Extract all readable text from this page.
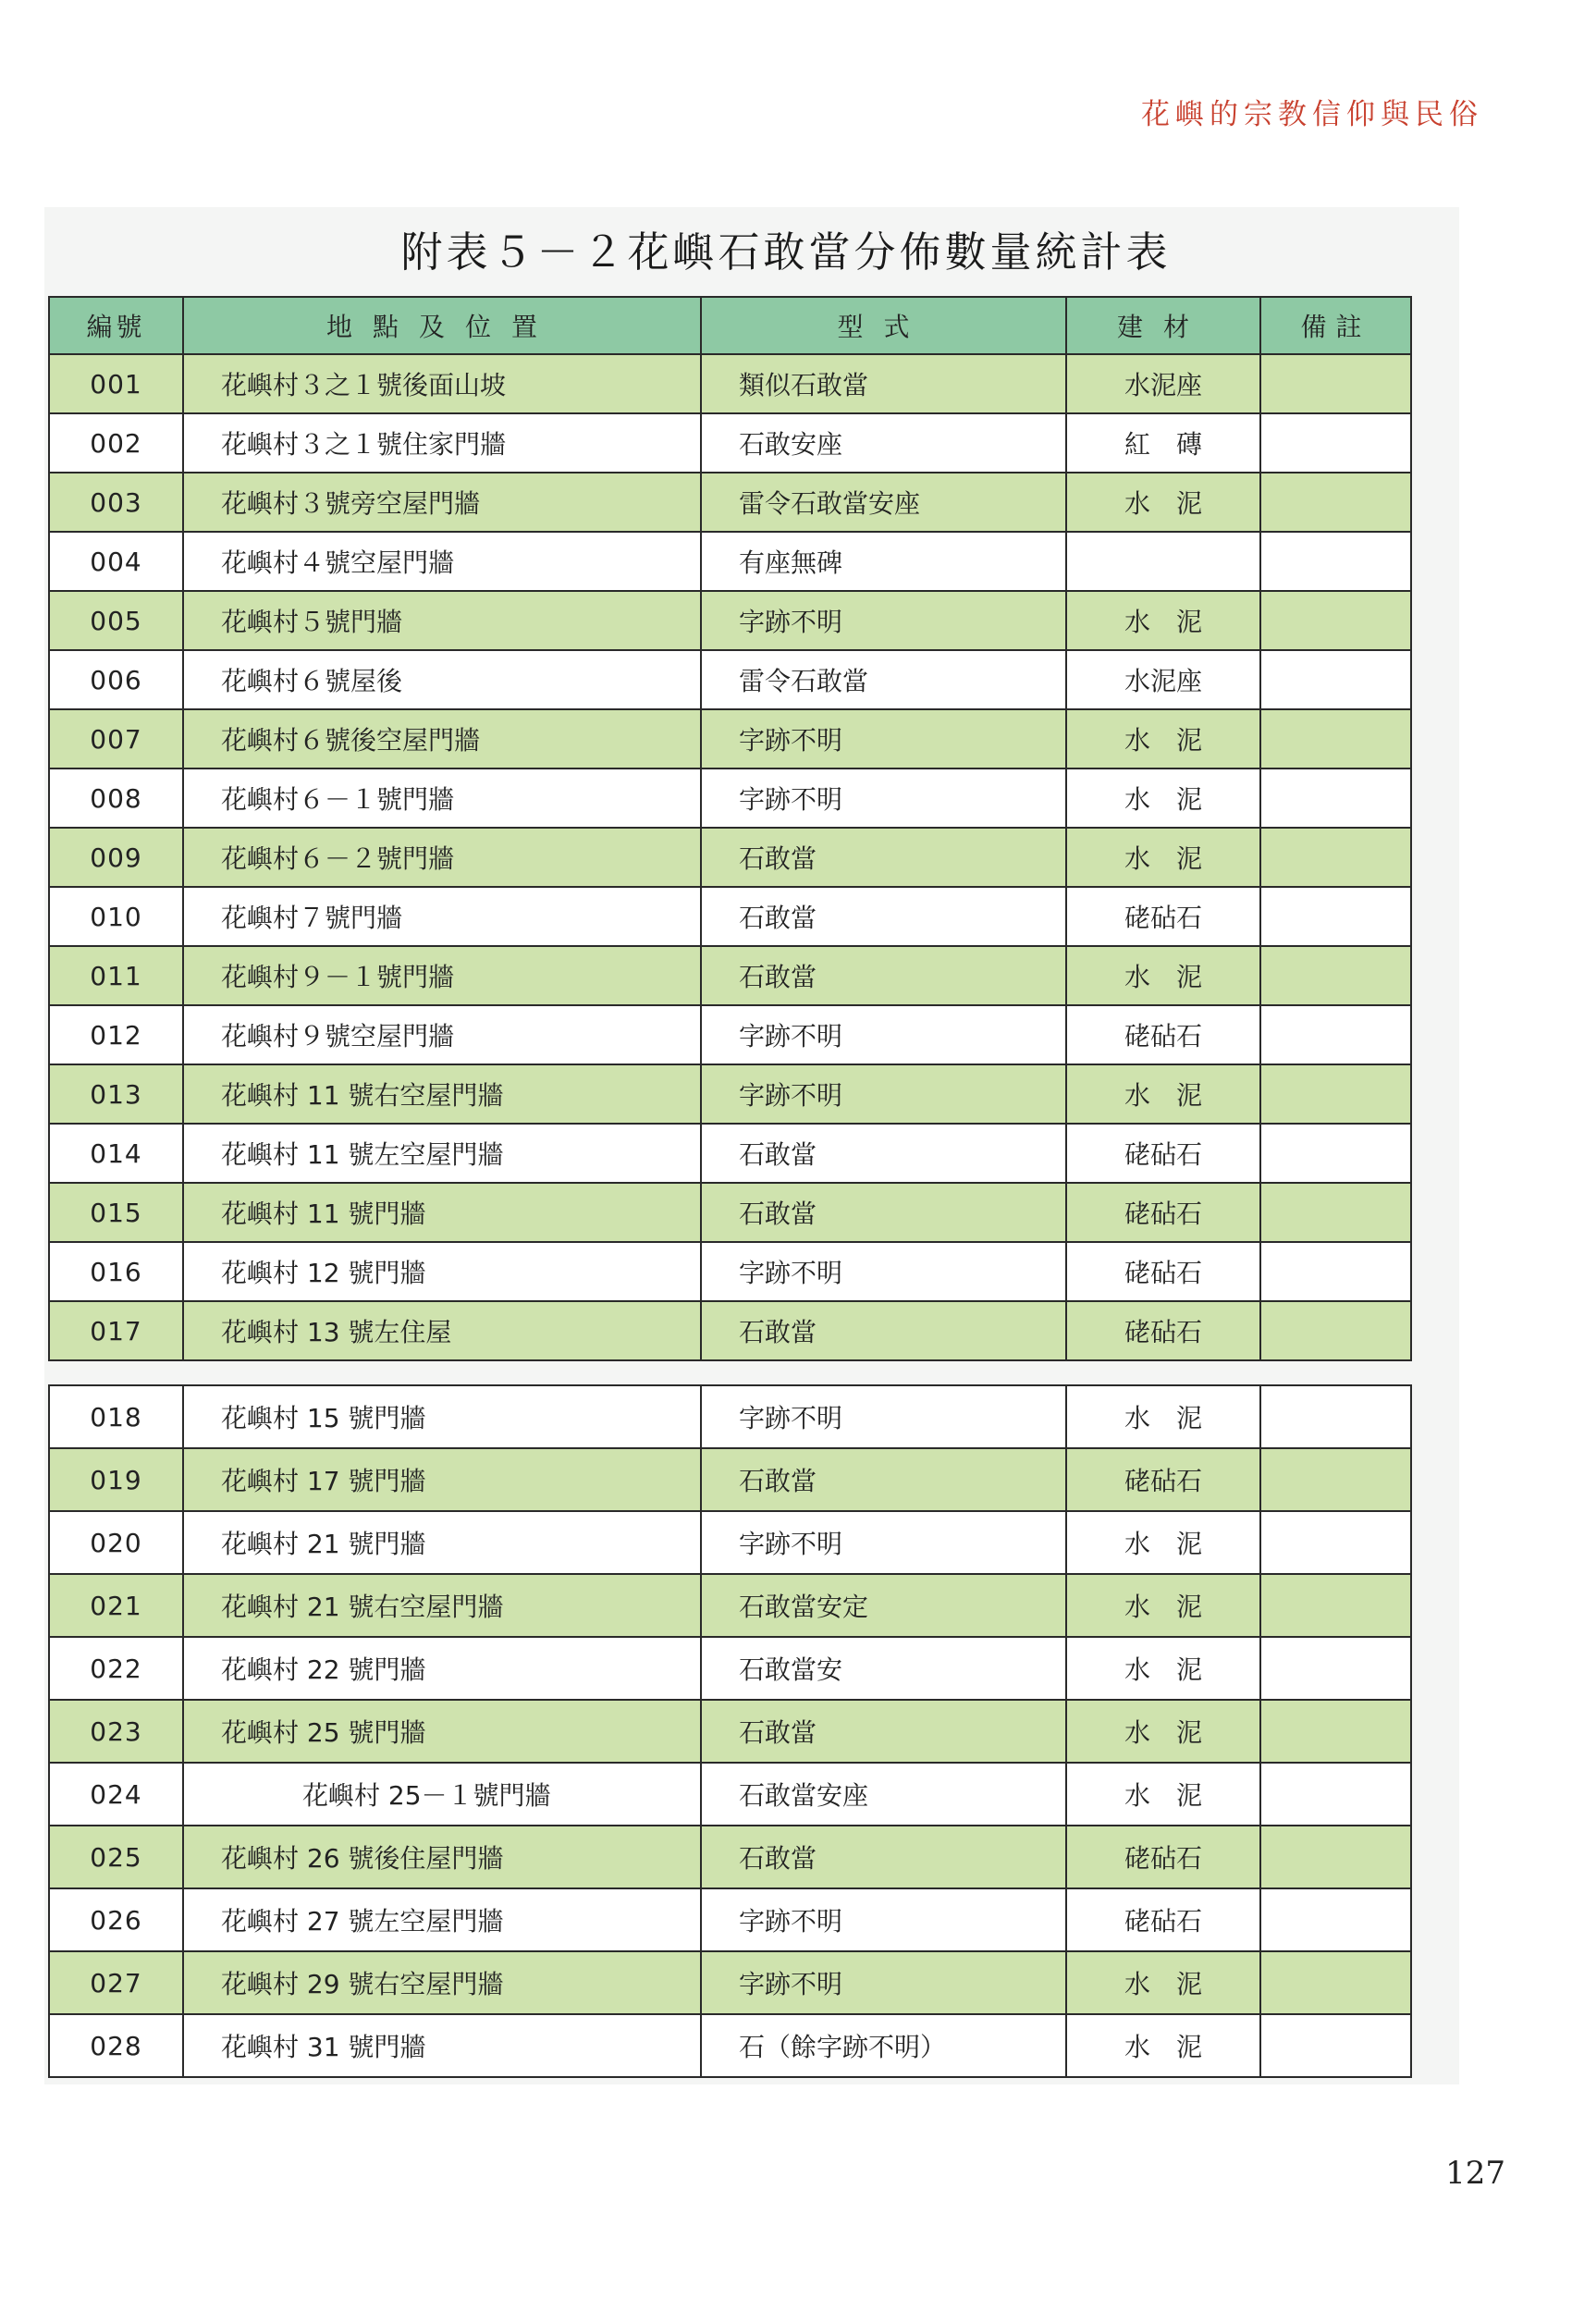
花嶼的宗教信仰與民俗
附表５－２花嶼石敢當分佈數量統計表
編號	地點及位置	型式	建材	備註
001	花嶼村３之１號後面山坡	類似石敢當	水泥座	
002	花嶼村３之１號住家門牆	石敢安座	紅　磚	
003	花嶼村３號旁空屋門牆	雷令石敢當安座	水　泥	
004	花嶼村４號空屋門牆	有座無碑		
005	花嶼村５號門牆	字跡不明	水　泥	
006	花嶼村６號屋後	雷令石敢當	水泥座	
007	花嶼村６號後空屋門牆	字跡不明	水　泥	
008	花嶼村６－１號門牆	字跡不明	水　泥	
009	花嶼村６－２號門牆	石敢當	水　泥	
010	花嶼村７號門牆	石敢當	硓砧石	
011	花嶼村９－１號門牆	石敢當	水　泥	
012	花嶼村９號空屋門牆	字跡不明	硓砧石	
013	花嶼村 11 號右空屋門牆	字跡不明	水　泥	
014	花嶼村 11 號左空屋門牆	石敢當	硓砧石	
015	花嶼村 11 號門牆	石敢當	硓砧石	
016	花嶼村 12 號門牆	字跡不明	硓砧石	
017	花嶼村 13 號左住屋	石敢當	硓砧石	
018	花嶼村 15 號門牆	字跡不明	水　泥	
019	花嶼村 17 號門牆	石敢當	硓砧石	
020	花嶼村 21 號門牆	字跡不明	水　泥	
021	花嶼村 21 號右空屋門牆	石敢當安定	水　泥	
022	花嶼村 22 號門牆	石敢當安	水　泥	
023	花嶼村 25 號門牆	石敢當	水　泥	
024	花嶼村 25－１號門牆	石敢當安座	水　泥	
025	花嶼村 26 號後住屋門牆	石敢當	硓砧石	
026	花嶼村 27 號左空屋門牆	字跡不明	硓砧石	
027	花嶼村 29 號右空屋門牆	字跡不明	水　泥	
028	花嶼村 31 號門牆	石（餘字跡不明）	水　泥	
127
